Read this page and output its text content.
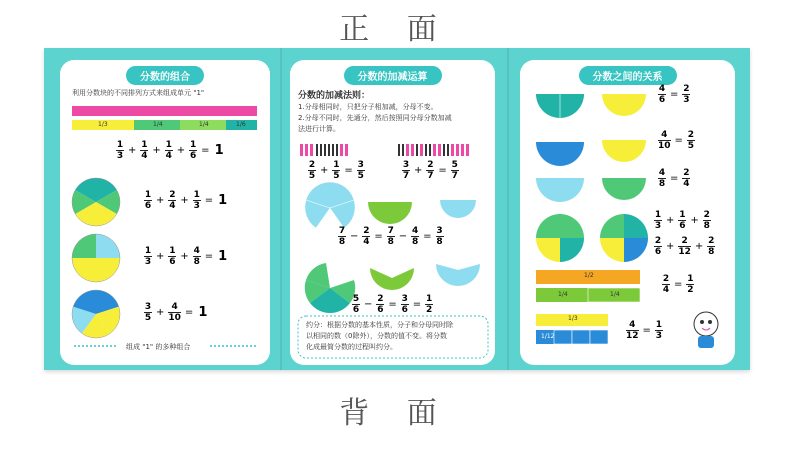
正 面
背 面
分数的组合
利用分数块的不同排列方式来组成单元 "1"
1/3	1/4	1/4	1/6
$\frac{1}{3} + \frac{1}{4} + \frac{1}{4} + \frac{1}{6} = 1$
$\frac{1}{6} + \frac{2}{4} + \frac{1}{3} = 1$
$\frac{1}{3} + \frac{1}{6} + \frac{4}{8} = 1$
$\frac{3}{5} + \frac{4}{10} = 1$
组成 "1" 的多种组合
分数的加减运算
分数的加减法则：
1.分母相同时，只把分子相加减，分母不变。
2.分母不同时，先通分，然后按照同分母分数加减
法进行计算。
$\frac{2}{5} + \frac{1}{5} = \frac{3}{5}$	$\frac{3}{7} + \frac{2}{7} = \frac{5}{7}$
$\frac{7}{8} - \frac{2}{4} = \frac{7}{8} - \frac{4}{8} = \frac{3}{8}$
$\frac{5}{6} - \frac{2}{6} = \frac{3}{6} = \frac{1}{2}$
约分：根据分数的基本性质，分子和分母同时除
以相同的数（0除外），分数的值不变。将分数
化成最简分数的过程叫约分。
分数之间的关系
1/2
1/4	1/4
1/3
1/12
$\frac{4}{6} = \frac{2}{3}$
$\frac{4}{10} = \frac{2}{5}$
$\frac{4}{8} = \frac{2}{4}$
$\frac{1}{3} + \frac{1}{6} + \frac{2}{8}$
$\frac{2}{6} + \frac{2}{12} + \frac{2}{8}$
$\frac{2}{4} = \frac{1}{2}$
$\frac{4}{12} = \frac{1}{3}$
